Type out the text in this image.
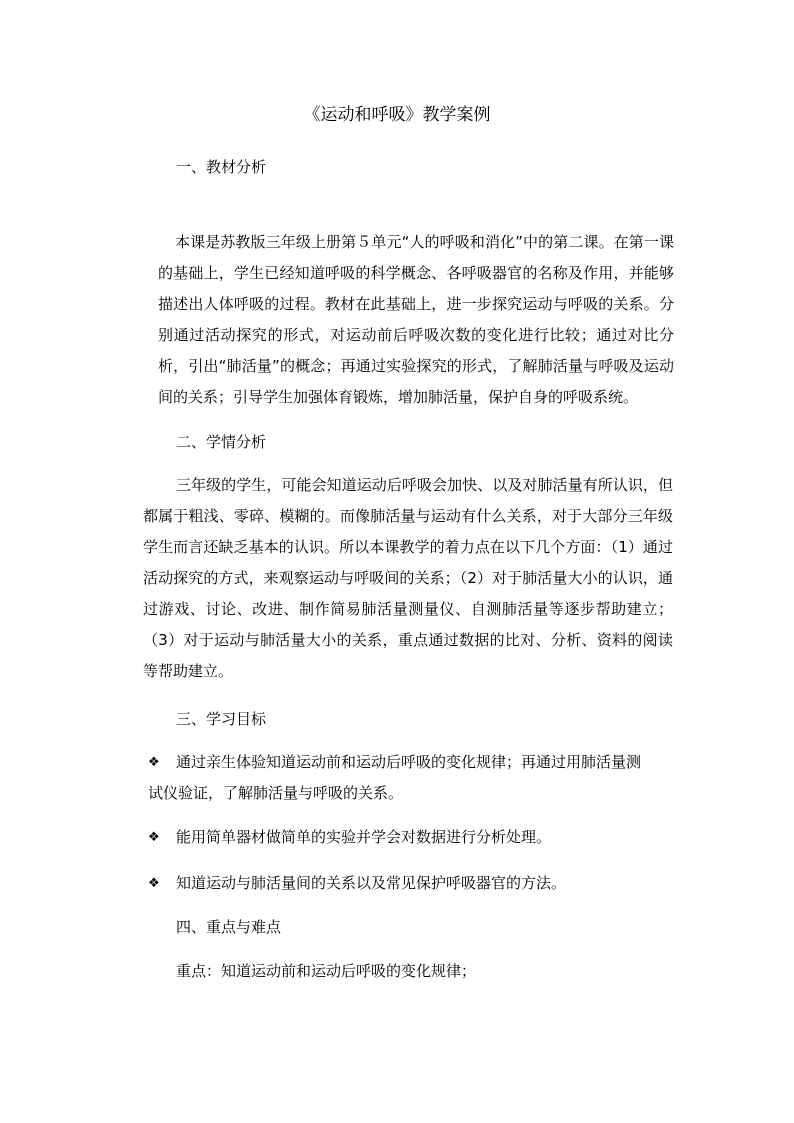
《运动和呼吸》教学案例
一、教材分析
本课是苏教版三年级上册第５单元“人的呼吸和消化”中的第二课。在第一课的基础上，学生已经知道呼吸的科学概念、各呼吸器官的名称及作用，并能够描述出人体呼吸的过程。教材在此基础上，进一步探究运动与呼吸的关系。分别通过活动探究的形式，对运动前后呼吸次数的变化进行比较；通过对比分析，引出“肺活量”的概念；再通过实验探究的形式，了解肺活量与呼吸及运动间的关系；引导学生加强体育锻炼，增加肺活量，保护自身的呼吸系统。
二、学情分析
三年级的学生，可能会知道运动后呼吸会加快、以及对肺活量有所认识，但都属于粗浅、零碎、模糊的。而像肺活量与运动有什么关系，对于大部分三年级学生而言还缺乏基本的认识。所以本课教学的着力点在以下几个方面：（1）通过活动探究的方式，来观察运动与呼吸间的关系；（2）对于肺活量大小的认识，通过游戏、讨论、改进、制作简易肺活量测量仪、自测肺活量等逐步帮助建立；（3）对于运动与肺活量大小的关系，重点通过数据的比对、分析、资料的阅读等帮助建立。
三、学习目标
❖ 通过亲生体验知道运动前和运动后呼吸的变化规律；再通过用肺活量测
试仪验证，了解肺活量与呼吸的关系。
❖ 能用简单器材做简单的实验并学会对数据进行分析处理。
❖ 知道运动与肺活量间的关系以及常见保护呼吸器官的方法。
四、重点与难点
重点：知道运动前和运动后呼吸的变化规律；
